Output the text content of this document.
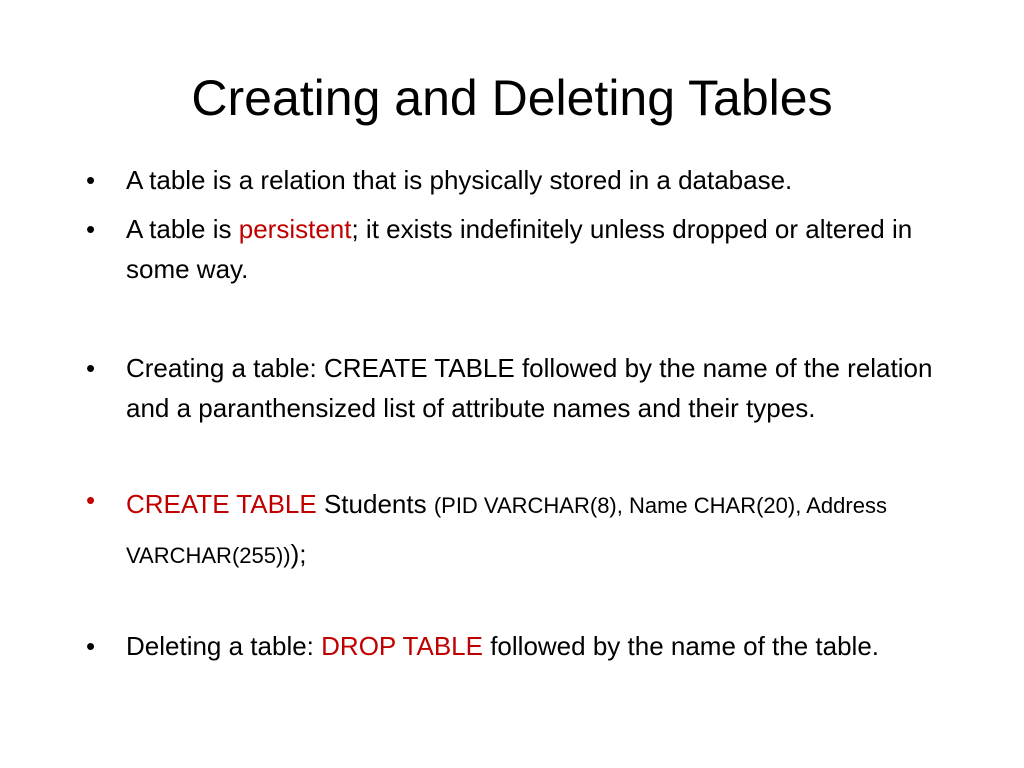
Creating and Deleting Tables
•	A table is a relation that is physically stored in a database.
•	A table is persistent; it exists indefinitely unless dropped or altered in some way.
•	Creating a table: CREATE TABLE followed by the name of the relation and a paranthensized list of attribute names and their types.
•	CREATE TABLE Students (PID VARCHAR(8), Name CHAR(20), Address VARCHAR(255)));
•	Deleting a table: DROP TABLE followed by the name of the table.
